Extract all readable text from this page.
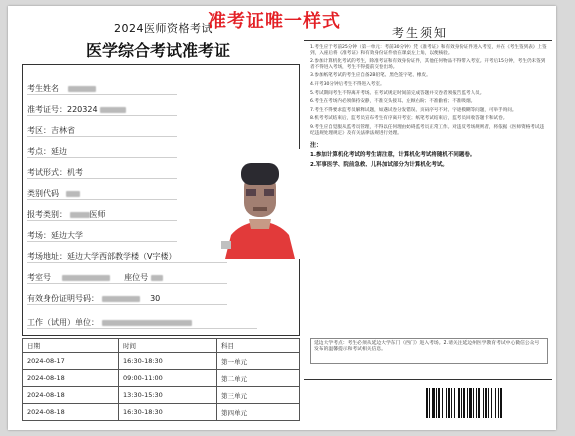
2024医师资格考试
准考证唯一样式
医学综合考试准考证
考生姓名
准考证号：220324
考区：吉林省
考点：延边
考试形式：机考
类别代码
报考类别：	医师
考场：延边大学
考场地址：延边大学西部教学楼（V字楼）
考室号	座位号
有效身份证明号码：	30
工作（试用）单位：
日期	时间	科目
2024-08-17	16:30-18:30	第一单元
2024-08-18	09:00-11:00	第二单元
2024-08-18	13:30-15:30	第三单元
2024-08-18	16:30-18:30	第四单元
考生须知

1.考生应于考前25分钟（第一单元：考前30分钟）凭《准考证》和有效身份证件进入考室，并在《考生签到表》上签到，入座后将《准考证》和有效身份证件放在课桌左上角，以便核验。

2.参加计算机化考试的考生，除准考证和有效身份证件，其他任何物品不得带入考室。开考后15分钟，考生仍未签到者不得进入考场，考生不得提前交卷出场。

3.参加纸笔考试的考生应自备2B铅笔、黑色签字笔、橡皮。

4.开考30分钟后考生不得进入考室。

5.考试期间考生不得离开考场。在考试规定时间前完成答题并交卷者须报告监考人员。

6.考生在考场内必须保持安静，不准交头接耳、左顾右盼；不准偷看；不准吸烟。

7.考生不得要求监考员解释试题，如遇试卷分发错误、页码序号不对、字迹模糊等问题，可举手询问。

8.机考考试结束后，监考员宣布考生有序离开考室；纸笔考试结束后，监考员回收答题卡和试卷。

9.考生应自觉服从监考员管理，不得以任何理由妨碍监考员正常工作。对违反考场规则者，将依据《医师资格考试违纪违规处理规定》及有关法律法规进行处理。

注：

1.参加计算机化考试的考生请注意，计算机化考试将随机不同题卷。

2.军事医学、院前急救、儿科加试部分为计算机化考试。

延边大学考点：考生必须从延边大学东门（西门）进入考场。2.请关注延边州医学教育考试中心微信公众号发布的温馨提示和考试相关信息。
